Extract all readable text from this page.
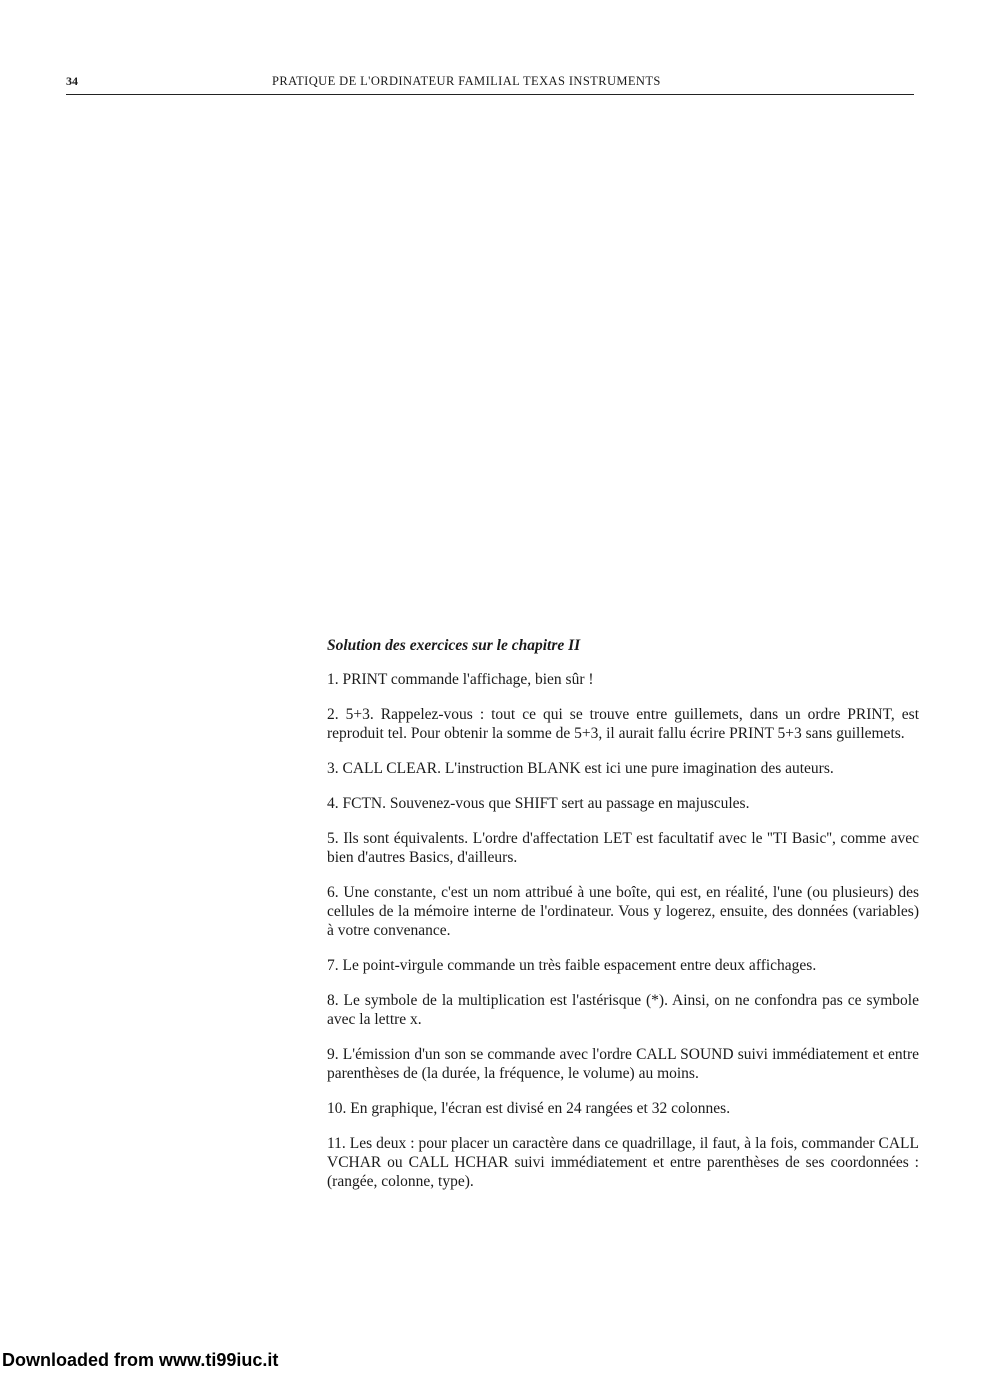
34	PRATIQUE DE L'ORDINATEUR FAMILIAL TEXAS INSTRUMENTS

Solution des exercices sur le chapitre II

1. PRINT commande l'affichage, bien sûr !

2. 5+3. Rappelez-vous : tout ce qui se trouve entre guillemets, dans un ordre PRINT, est reproduit tel. Pour obtenir la somme de 5+3, il aurait fallu écrire PRINT 5+3 sans guillemets.

3. CALL CLEAR. L'instruction BLANK est ici une pure imagination des auteurs.

4. FCTN. Souvenez-vous que SHIFT sert au passage en majuscules.

5. Ils sont équivalents. L'ordre d'affectation LET est facultatif avec le ''TI Basic'', comme avec bien d'autres Basics, d'ailleurs.

6. Une constante, c'est un nom attribué à une boîte, qui est, en réalité, l'une (ou plusieurs) des cellules de la mémoire interne de l'ordinateur. Vous y logerez, ensuite, des données (variables) à votre convenance.

7. Le point-virgule commande un très faible espacement entre deux affichages.

8. Le symbole de la multiplication est l'astérisque (*). Ainsi, on ne confondra pas ce symbole avec la lettre x.

9. L'émission d'un son se commande avec l'ordre CALL SOUND suivi immédiatement et entre parenthèses de (la durée, la fréquence, le volume) au moins.

10. En graphique, l'écran est divisé en 24 rangées et 32 colonnes.

11. Les deux : pour placer un caractère dans ce quadrillage, il faut, à la fois, commander CALL VCHAR ou CALL HCHAR suivi immédiatement et entre parenthèses de ses coordonnées : (rangée, colonne, type).

Downloaded from www.ti99iuc.it
